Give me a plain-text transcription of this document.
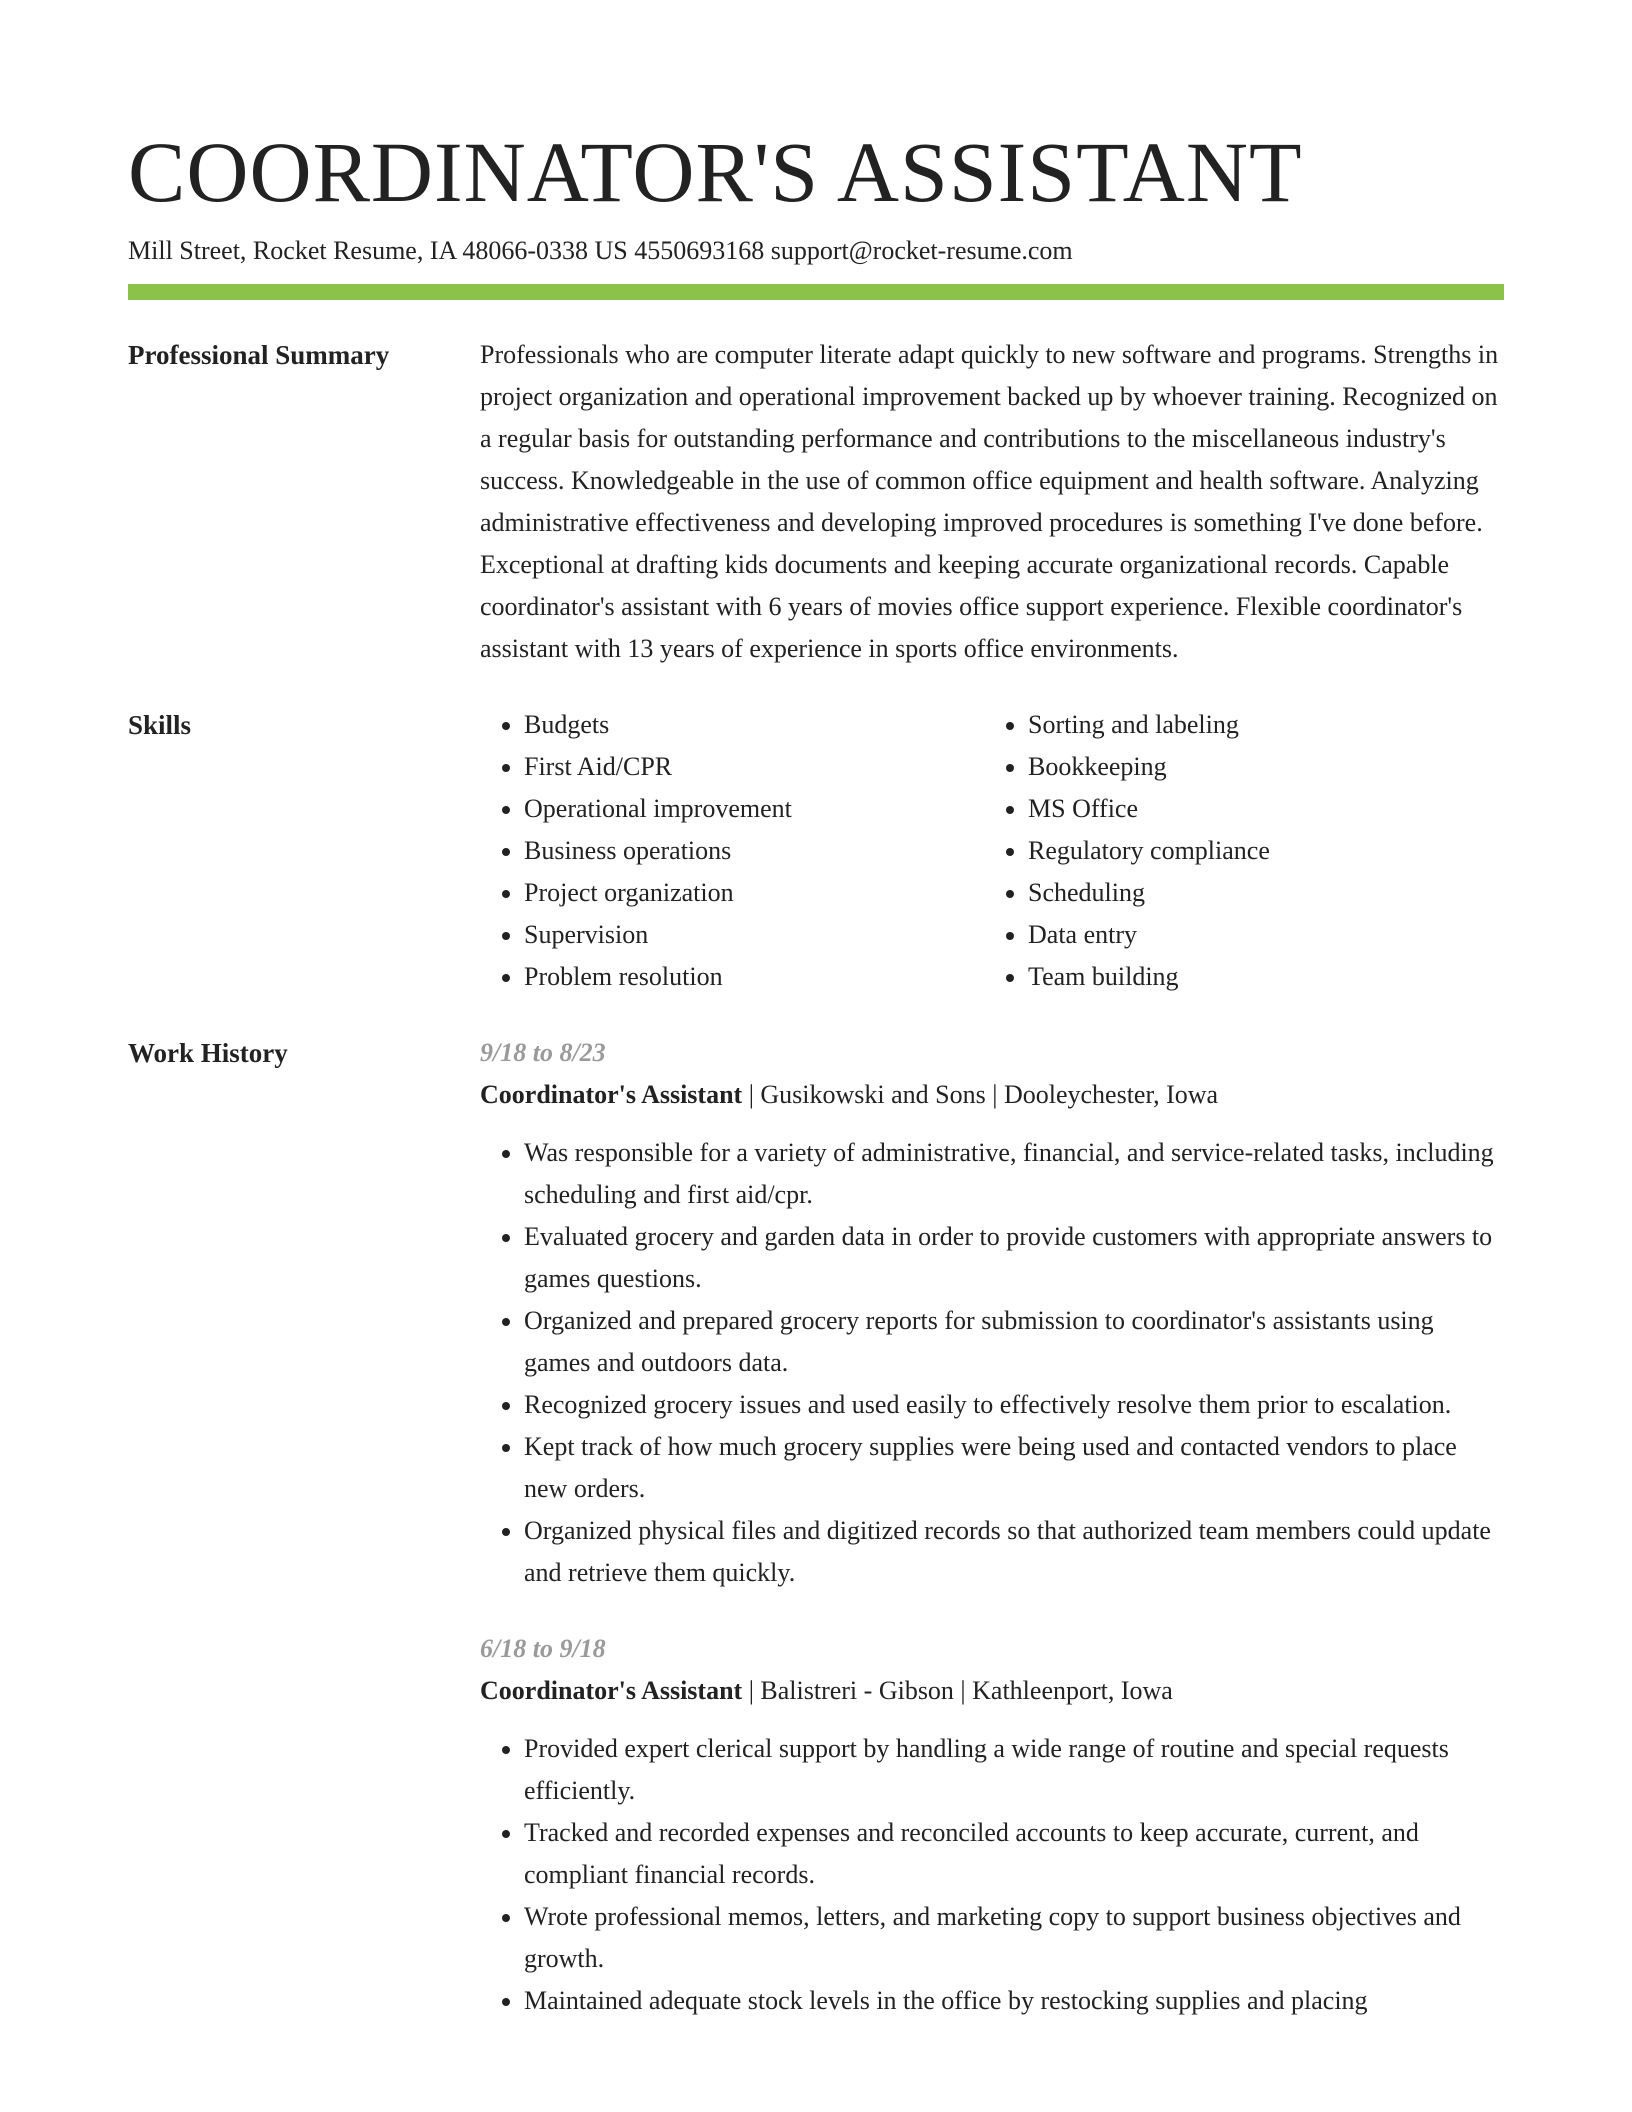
COORDINATOR'S ASSISTANT
Mill Street, Rocket Resume, IA 48066-0338 US 4550693168 support@rocket-resume.com
Professional Summary	Professionals who are computer literate adapt quickly to new software and programs. Strengths in project organization and operational improvement backed up by whoever training. Recognized on a regular basis for outstanding performance and contributions to the miscellaneous industry's success. Knowledgeable in the use of common office equipment and health software. Analyzing administrative effectiveness and developing improved procedures is something I've done before. Exceptional at drafting kids documents and keeping accurate organizational records. Capable coordinator's assistant with 6 years of movies office support experience. Flexible coordinator's assistant with 13 years of experience in sports office environments.

Skills
•	Budgets
• First Aid/CPR
• Operational improvement
• Business operations
• Project organization
• Supervision
• Problem resolution
• Sorting and labeling
• Bookkeeping
• MS Office
• Regulatory compliance
• Scheduling
• Data entry
• Team building
Work History	9/18 to 8/23
Coordinator's Assistant | Gusikowski and Sons | Dooleychester, Iowa
• Was responsible for a variety of administrative, financial, and service-related tasks, including scheduling and first aid/cpr.
• Evaluated grocery and garden data in order to provide customers with appropriate answers to games questions.
• Organized and prepared grocery reports for submission to coordinator's assistants using games and outdoors data.
• Recognized grocery issues and used easily to effectively resolve them prior to escalation.
• Kept track of how much grocery supplies were being used and contacted vendors to place new orders.
• Organized physical files and digitized records so that authorized team members could update and retrieve them quickly.
6/18 to 9/18
Coordinator's Assistant | Balistreri - Gibson | Kathleenport, Iowa
• Provided expert clerical support by handling a wide range of routine and special requests efficiently.
• Tracked and recorded expenses and reconciled accounts to keep accurate, current, and compliant financial records.
• Wrote professional memos, letters, and marketing copy to support business objectives and growth.
• Maintained adequate stock levels in the office by restocking supplies and placing
